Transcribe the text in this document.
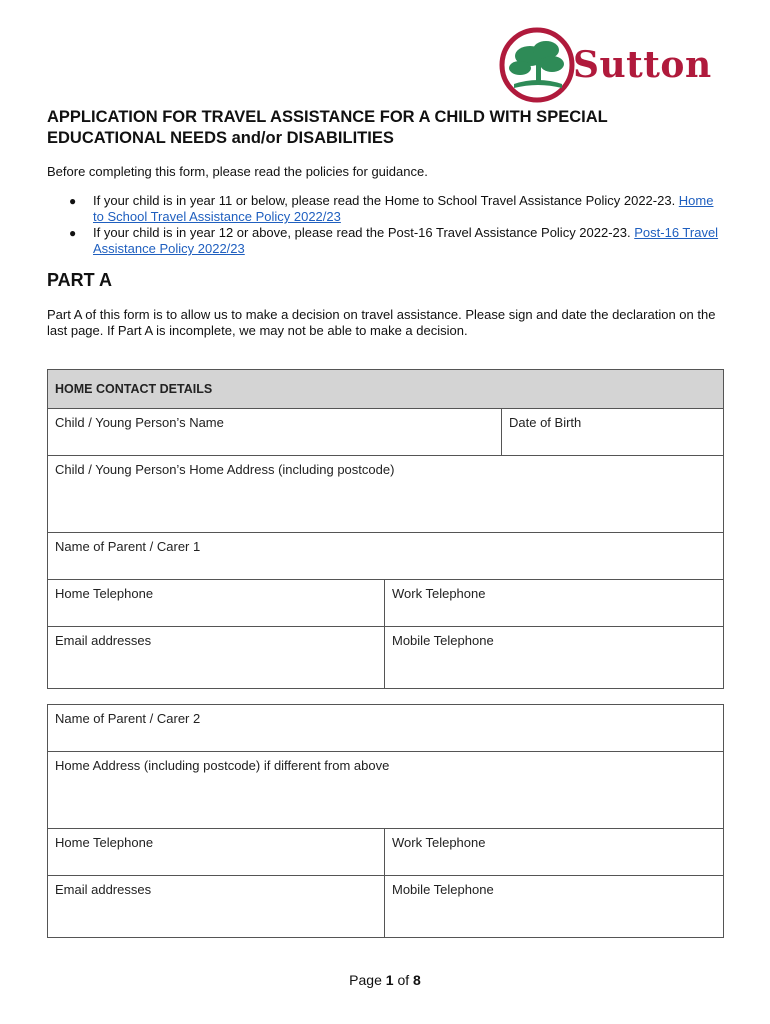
Sutton
APPLICATION FOR TRAVEL ASSISTANCE FOR A CHILD WITH SPECIAL EDUCATIONAL NEEDS and/or DISABILITIES

Before completing this form, please read the policies for guidance.

● If your child is in year 11 or below, please read the Home to School Travel Assistance Policy 2022-23. Home to School Travel Assistance Policy 2022/23
● If your child is in year 12 or above, please read the Post-16 Travel Assistance Policy 2022-23. Post-16 Travel Assistance Policy 2022/23
PART A

Part A of this form is to allow us to make a decision on travel assistance. Please sign and date the declaration on the last page. If Part A is incomplete, we may not be able to make a decision.

HOME CONTACT DETAILS		
Child / Young Person’s Name		Date of Birth
Child / Young Person’s Home Address (including postcode)		
Name of Parent / Carer 1		
Home Telephone	Work Telephone	
Email addresses	Mobile Telephone	
Name of Parent / Carer 2	
Home Address (including postcode) if different from above	
Home Telephone	Work Telephone
Email addresses	Mobile Telephone
Page 1 of 8
